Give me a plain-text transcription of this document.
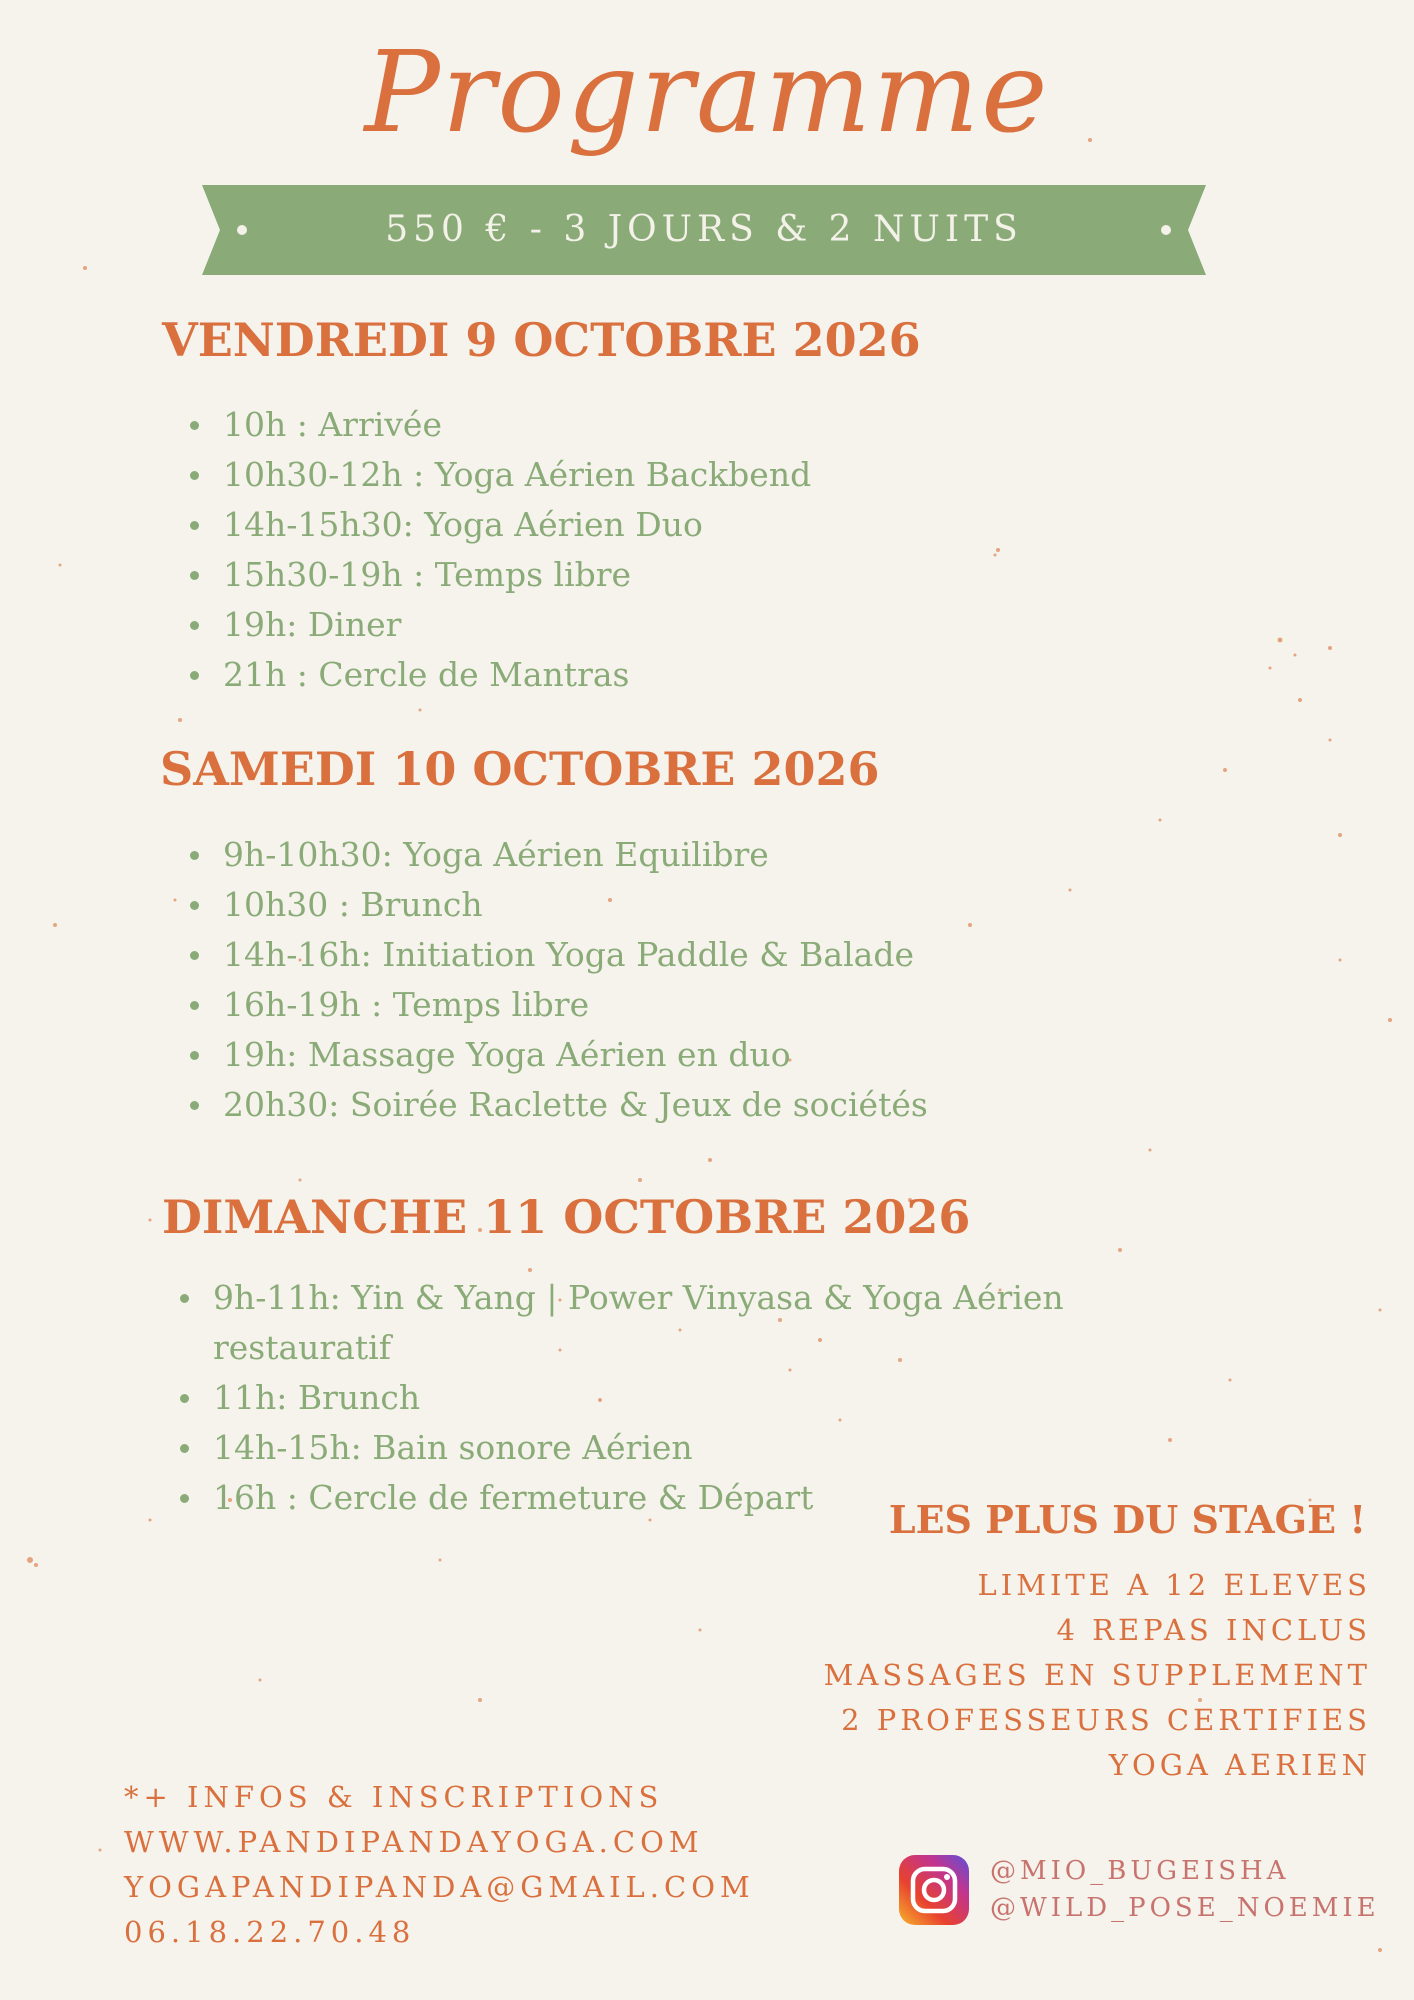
Programme
550 € - 3 JOURS & 2 NUITS
VENDREDI 9 OCTOBRE 2026
10h : Arrivée
10h30-12h : Yoga Aérien Backbend
14h-15h30: Yoga Aérien Duo
15h30-19h : Temps libre
19h: Diner
21h : Cercle de Mantras
SAMEDI 10 OCTOBRE 2026
9h-10h30: Yoga Aérien Equilibre
10h30 : Brunch
14h-16h: Initiation Yoga Paddle & Balade
16h-19h : Temps libre
19h: Massage Yoga Aérien en duo
20h30: Soirée Raclette & Jeux de sociétés
DIMANCHE 11 OCTOBRE 2026
9h-11h: Yin & Yang | Power Vinyasa & Yoga Aérien restauratif
11h: Brunch
14h-15h: Bain sonore Aérien
16h : Cercle de fermeture & Départ	LES PLUS DU STAGE !
LIMITE A 12 ELEVES
4 REPAS INCLUS
MASSAGES EN SUPPLEMENT
2 PROFESSEURS CERTIFIES
YOGA AERIEN
*+ INFOS & INSCRIPTIONS
WWW.PANDIPANDAYOGA.COM
YOGAPANDIPANDA@GMAIL.COM
06.18.22.70.48
@MIO_BUGEISHA
@WILD_POSE_NOEMIE
